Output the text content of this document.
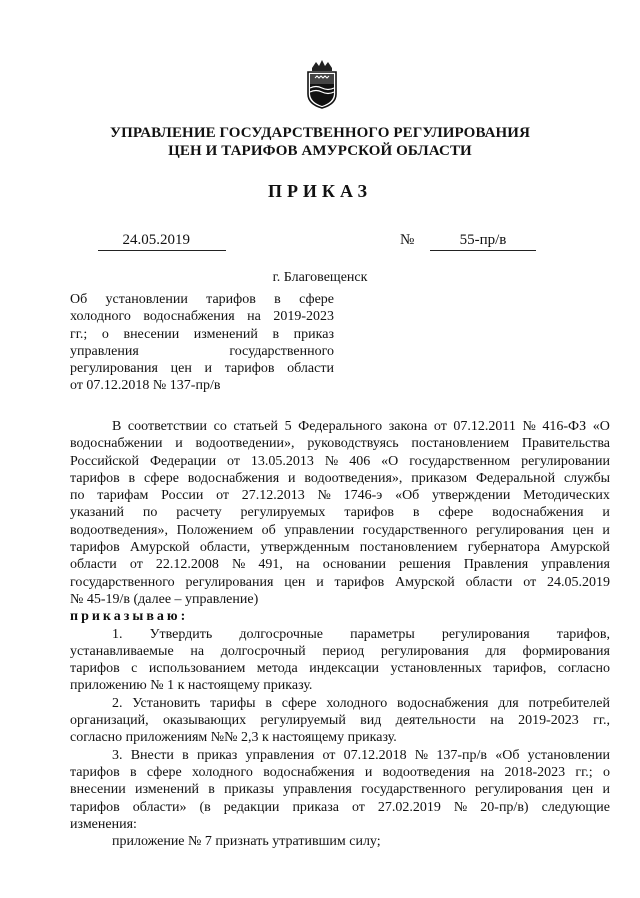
УПРАВЛЕНИЕ ГОСУДАРСТВЕННОГО РЕГУЛИРОВАНИЯ
ЦЕН И ТАРИФОВ АМУРСКОЙ ОБЛАСТИ
ПРИКАЗ
24.05.2019	№	55-пр/в
г. Благовещенск
Об установлении тарифов в сфере
холодного водоснабжения на 2019-2023
гг.; о внесении изменений в приказ
управления	государственного
регулирования цен и тарифов области
от 07.12.2018 № 137-пр/в
В соответствии со статьей 5 Федерального закона от 07.12.2011 № 416-ФЗ «О
водоснабжении и водоотведении», руководствуясь постановлением Правительства
Российской Федерации от 13.05.2013 № 406 «О государственном регулировании
тарифов в сфере водоснабжения и водоотведения», приказом Федеральной службы
по тарифам России от 27.12.2013 № 1746-э «Об утверждении Методических
указаний по расчету регулируемых тарифов в сфере водоснабжения и
водоотведения», Положением об управлении государственного регулирования цен и
тарифов Амурской области, утвержденным постановлением губернатора Амурской
области от 22.12.2008 № 491, на основании решения Правления управления
государственного регулирования цен и тарифов Амурской области от 24.05.2019
№ 45-19/в (далее – управление)
приказываю:
1. Утвердить долгосрочные параметры регулирования тарифов,
устанавливаемые на долгосрочный период регулирования для формирования
тарифов с использованием метода индексации установленных тарифов, согласно
приложению № 1 к настоящему приказу.
2. Установить тарифы в сфере холодного водоснабжения для потребителей
организаций, оказывающих регулируемый вид деятельности на 2019-2023 гг.,
согласно приложениям №№ 2,3 к настоящему приказу.
3. Внести в приказ управления от 07.12.2018 № 137-пр/в «Об установлении
тарифов в сфере холодного водоснабжения и водоотведения на 2018-2023 гг.; о
внесении изменений в приказы управления государственного регулирования цен и
тарифов области» (в редакции приказа от 27.02.2019 № 20-пр/в) следующие
изменения:
приложение № 7 признать утратившим силу;
